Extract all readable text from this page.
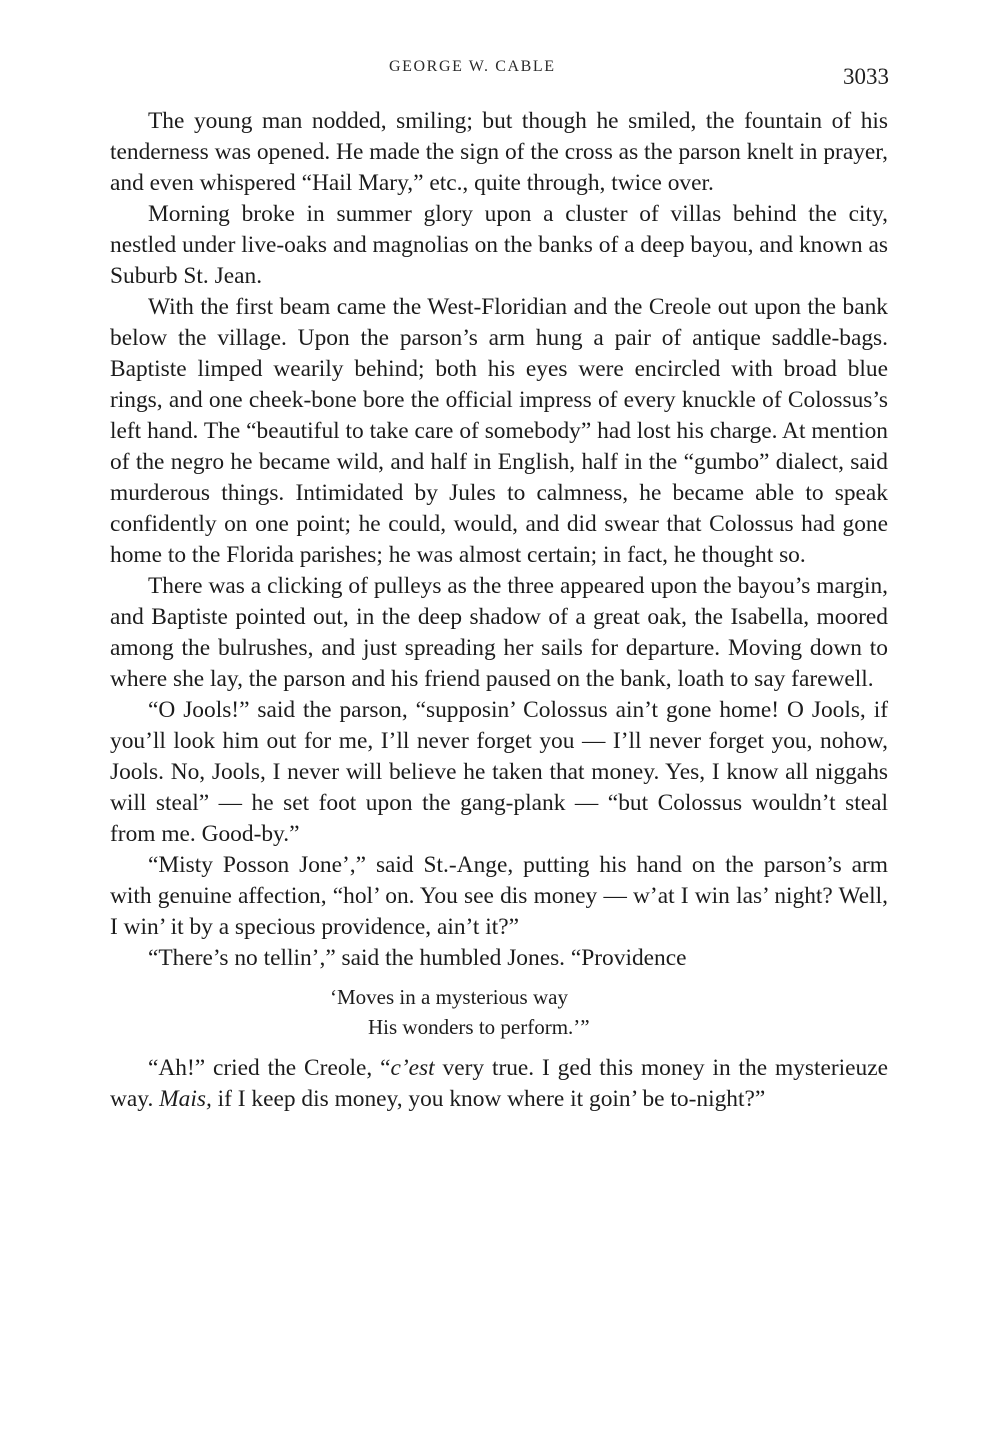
GEORGE W. CABLE	3033

The young man nodded, smiling; but though he smiled, the fountain of his tenderness was opened. He made the sign of the cross as the parson knelt in prayer, and even whispered “Hail Mary,” etc., quite through, twice over.

Morning broke in summer glory upon a cluster of villas behind the city, nestled under live-oaks and magnolias on the banks of a deep bayou, and known as Suburb St. Jean.

With the first beam came the West-Floridian and the Creole out upon the bank below the village. Upon the parson’s arm hung a pair of antique saddle-bags. Baptiste limped wearily behind; both his eyes were encircled with broad blue rings, and one cheek-bone bore the official impress of every knuckle of Colossus’s left hand. The “beautiful to take care of somebody” had lost his charge. At mention of the negro he became wild, and half in English, half in the “gumbo” dialect, said murderous things. Intimidated by Jules to calmness, he became able to speak confidently on one point; he could, would, and did swear that Colossus had gone home to the Florida parishes; he was almost certain; in fact, he thought so.

There was a clicking of pulleys as the three appeared upon the bayou’s margin, and Baptiste pointed out, in the deep shadow of a great oak, the Isabella, moored among the bulrushes, and just spreading her sails for departure. Moving down to where she lay, the parson and his friend paused on the bank, loath to say farewell.

“O Jools!” said the parson, “supposin’ Colossus ain’t gone home! O Jools, if you’ll look him out for me, I’ll never forget you — I’ll never forget you, nohow, Jools. No, Jools, I never will believe he taken that money. Yes, I know all niggahs will steal” — he set foot upon the gang-plank — “but Colossus wouldn’t steal from me. Good-by.”

“Misty Posson Jone’,” said St.-Ange, putting his hand on the parson’s arm with genuine affection, “hol’ on. You see dis money — w’at I win las’ night? Well, I win’ it by a specious providence, ain’t it?”

“There’s no tellin’,” said the humbled Jones. “Providence

‘Moves in a mysterious way
His wonders to perform.’”

“Ah!” cried the Creole, “c’est very true. I ged this money in the mysterieuze way. Mais, if I keep dis money, you know where it goin’ be to-night?”
